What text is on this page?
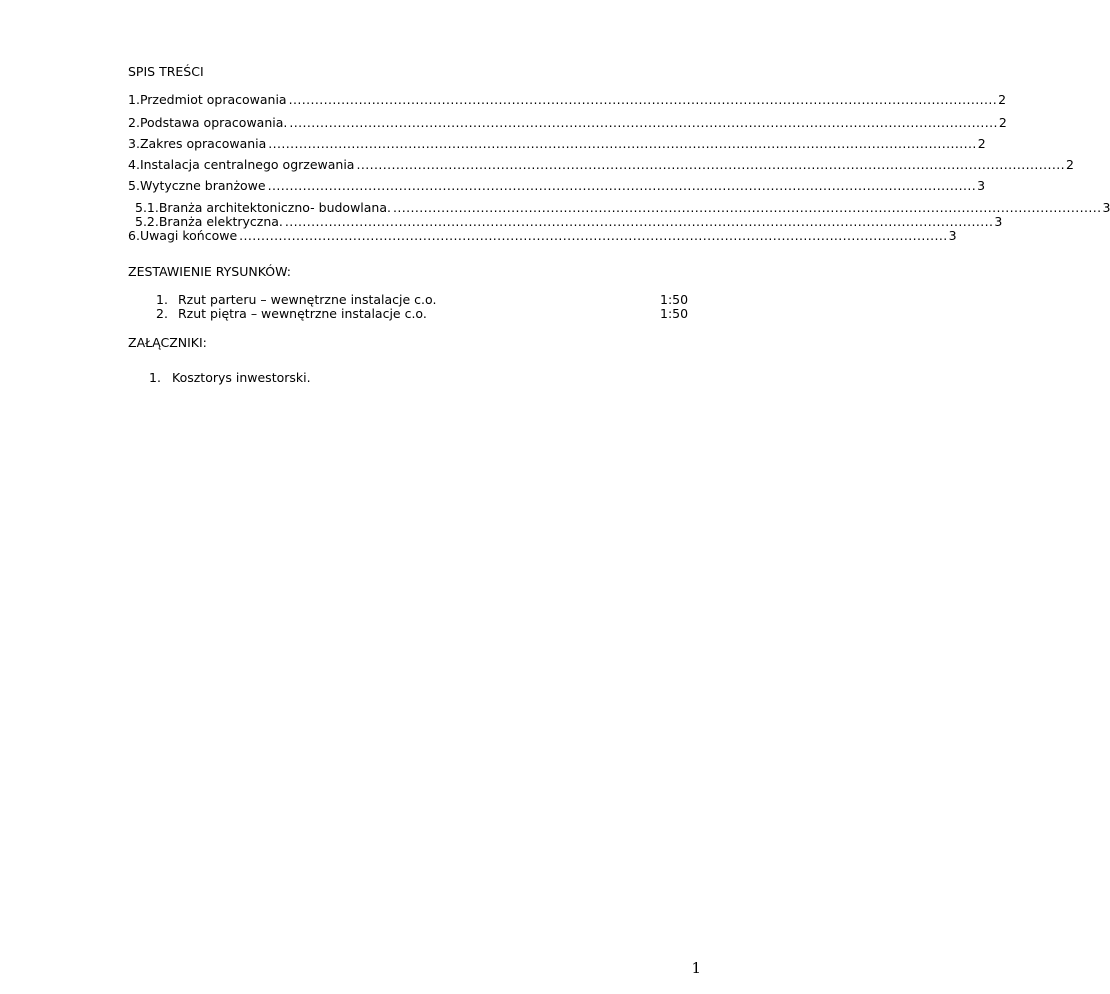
SPIS TREŚCI
1. Przedmiot opracowania .................................................................................................................................................................. 2
2. Podstawa opracowania. .................................................................................................................................................................. 2
3. Zakres opracowania .................................................................................................................................................................. 2
4. Instalacja centralnego ogrzewania .................................................................................................................................................................. 2
5. Wytyczne branżowe .................................................................................................................................................................. 3
5.1. Branża architektoniczno- budowlana. .................................................................................................................................................................. 3
5.2. Branża elektryczna. .................................................................................................................................................................. 3
6. Uwagi końcowe .................................................................................................................................................................. 3
ZESTAWIENIE RYSUNKÓW:
1. Rzut parteru – wewnętrzne instalacje c.o.	1:50
2. Rzut piętra – wewnętrzne instalacje c.o.	1:50
ZAŁĄCZNIKI:
1. Kosztorys inwestorski.
1
